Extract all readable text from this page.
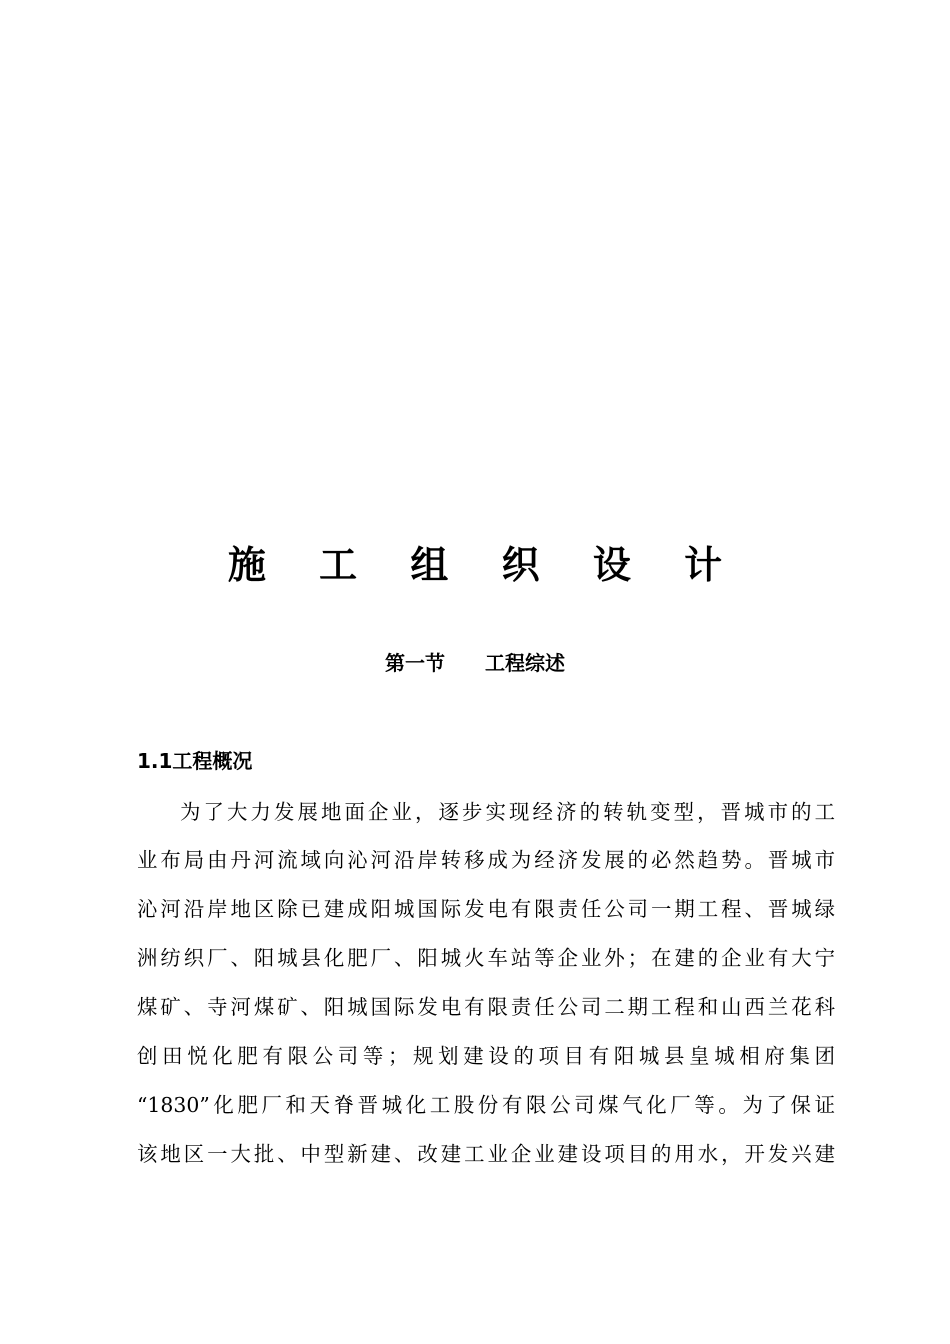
施 工 组 织 设 计
第一节　　工程综述
1.1工程概况
为了大力发展地面企业，逐步实现经济的转轨变型，晋城市的工
业布局由丹河流域向沁河沿岸转移成为经济发展的必然趋势。晋城市
沁河沿岸地区除已建成阳城国际发电有限责任公司一期工程、晋城绿
洲纺织厂、阳城县化肥厂、阳城火车站等企业外；在建的企业有大宁
煤矿、寺河煤矿、阳城国际发电有限责任公司二期工程和山西兰花科
创田悦化肥有限公司等；规划建设的项目有阳城县皇城相府集团
“1830”化肥厂和天脊晋城化工股份有限公司煤气化厂等。为了保证
该地区一大批、中型新建、改建工业企业建设项目的用水，开发兴建
